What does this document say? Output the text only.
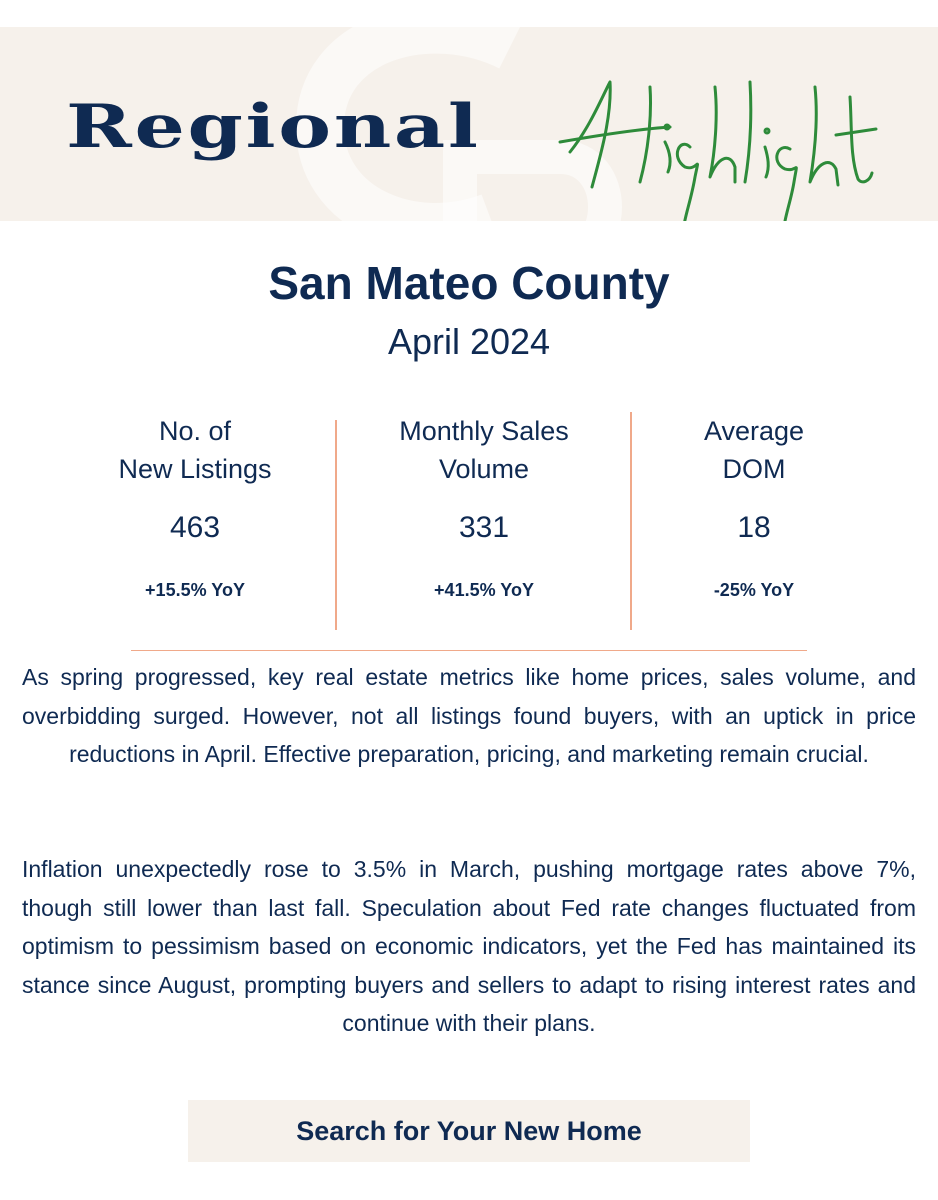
Regional
San Mateo County
April 2024
No. of
New Listings
463
+15.5% YoY
Monthly Sales
Volume
331
+41.5% YoY
Average
DOM
18
-25% YoY

As spring progressed, key real estate metrics like home prices, sales volume, and overbidding surged. However, not all listings found buyers, with an uptick in price reductions in April. Effective preparation, pricing, and marketing remain crucial.

Inflation unexpectedly rose to 3.5% in March, pushing mortgage rates above 7%, though still lower than last fall. Speculation about Fed rate changes fluctuated from optimism to pessimism based on economic indicators, yet the Fed has maintained its stance since August, prompting buyers and sellers to adapt to rising interest rates and continue with their plans.

Search for Your New Home
